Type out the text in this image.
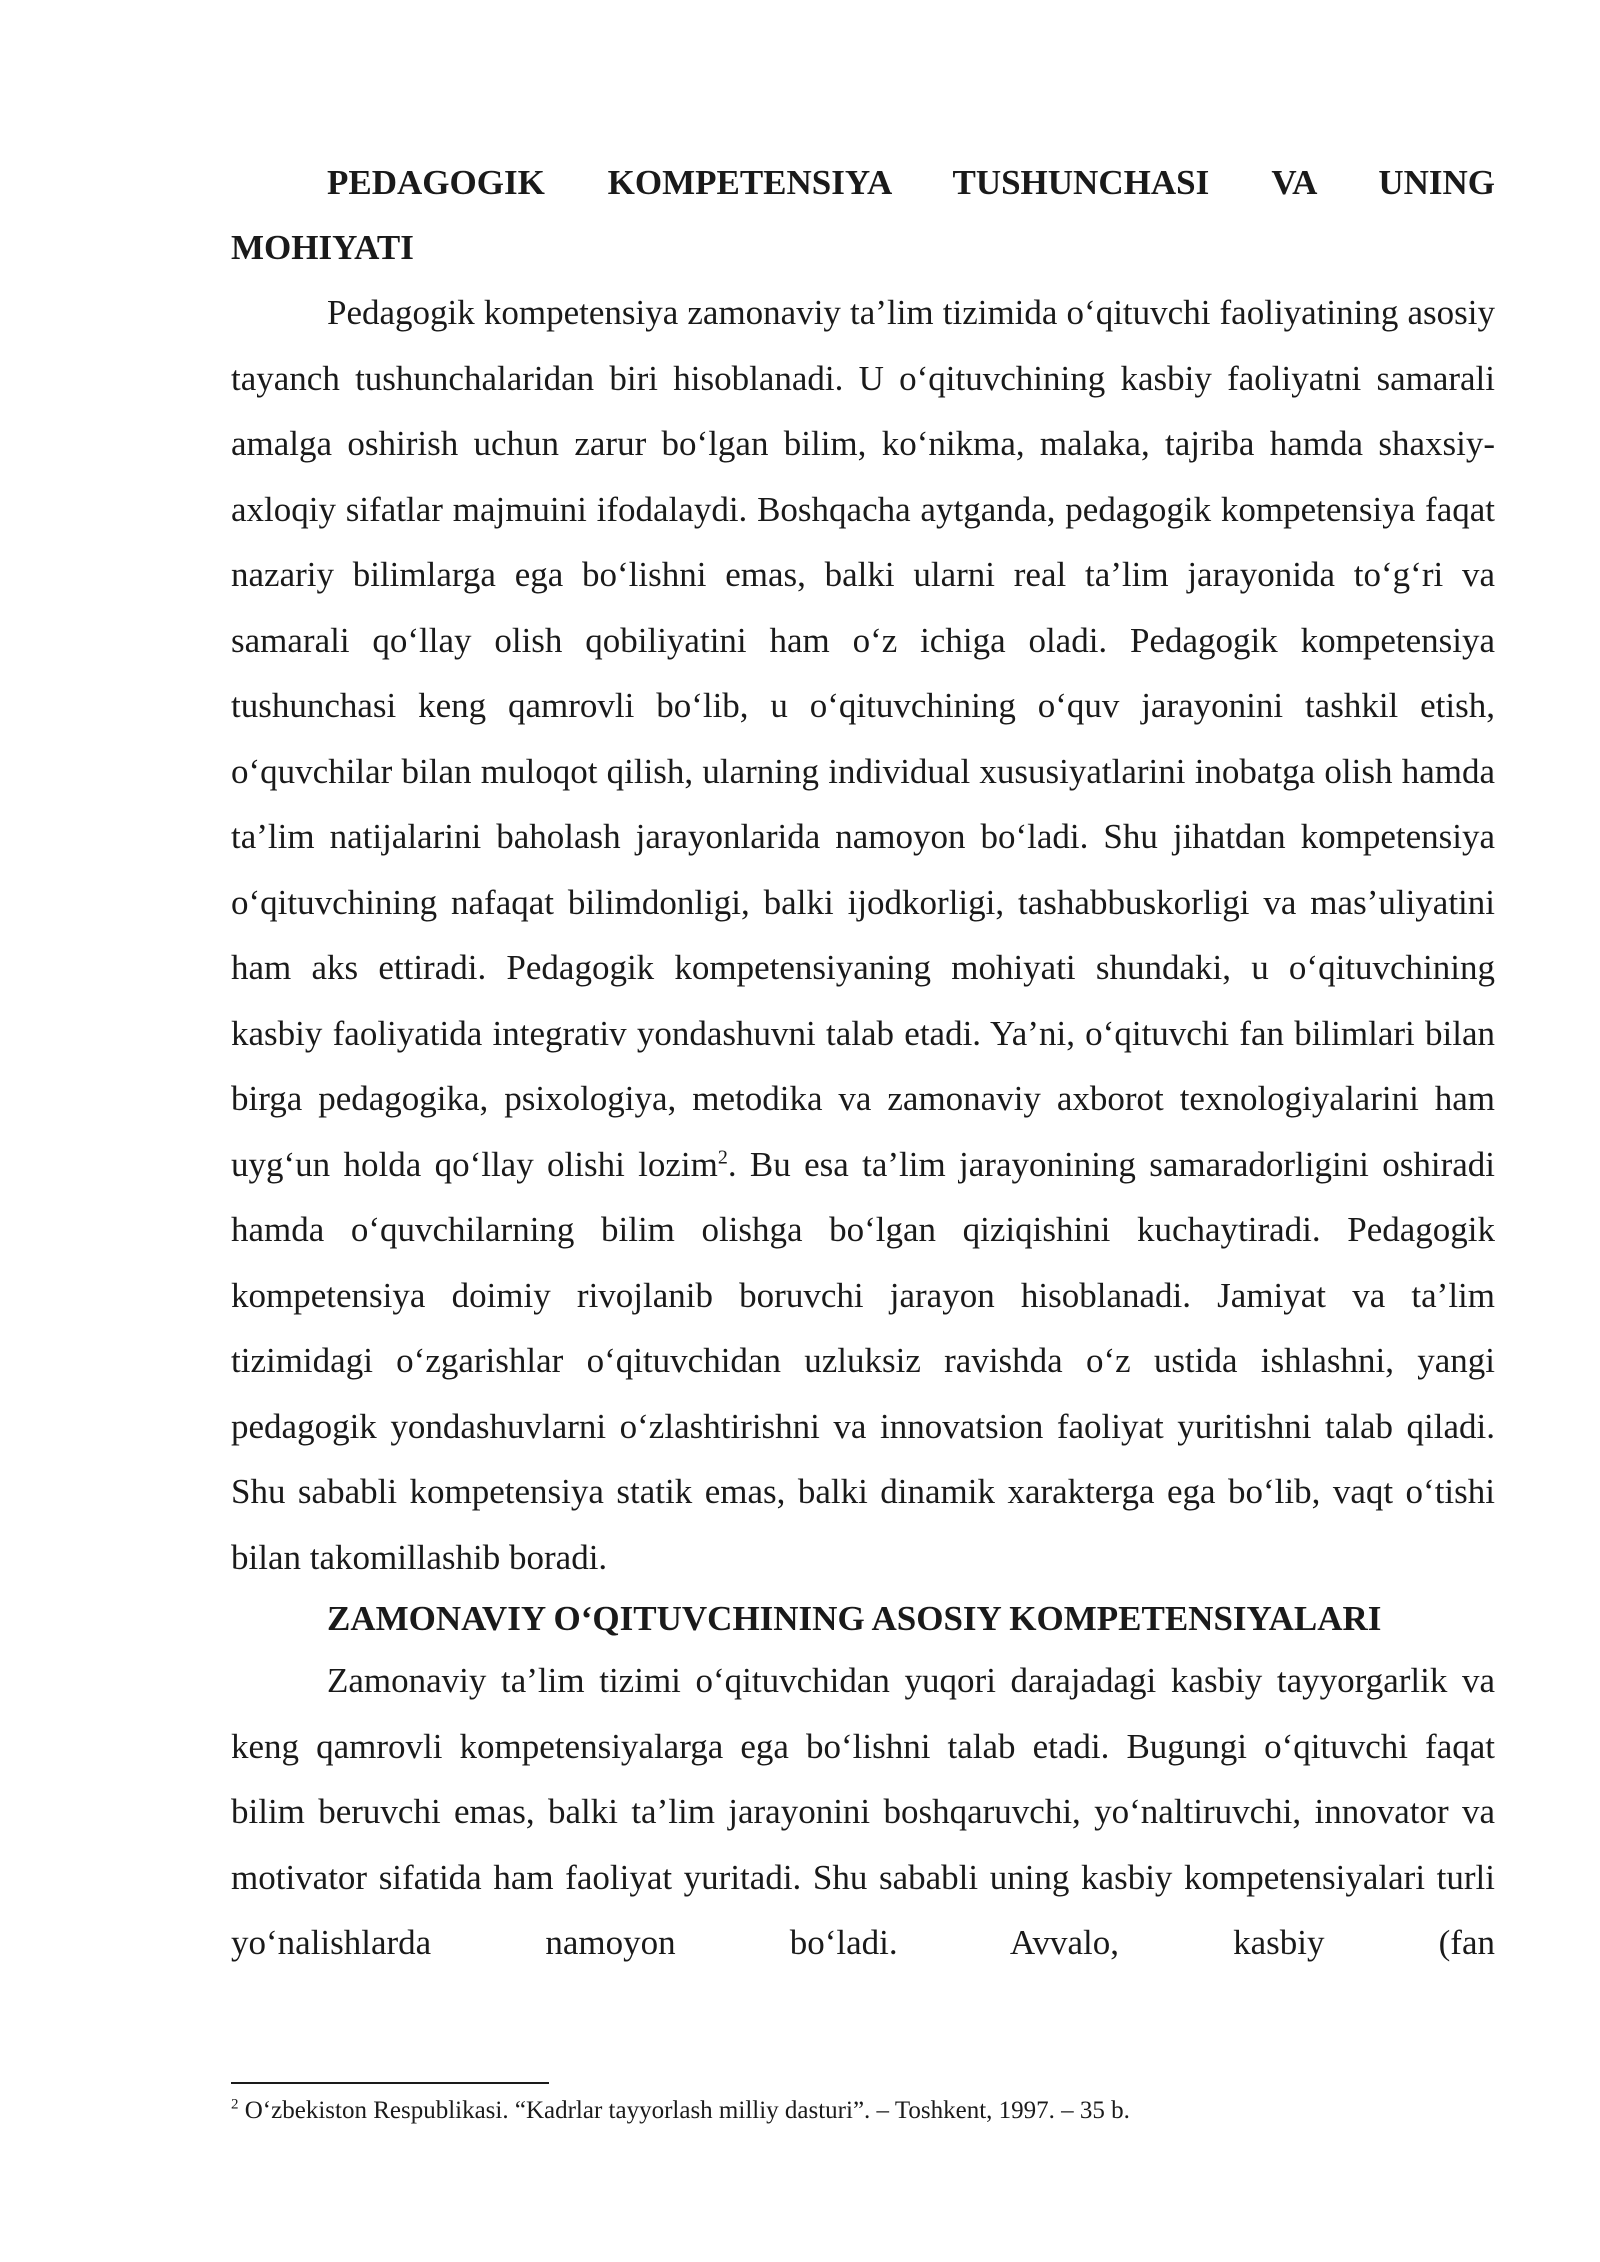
PEDAGOGIK KOMPETENSIYA TUSHUNCHASI VA UNING MOHIYATI

Pedagogik kompetensiya zamonaviy ta’lim tizimida o‘qituvchi faoliyatining asosiy tayanch tushunchalaridan biri hisoblanadi. U o‘qituvchining kasbiy faoliyatni samarali amalga oshirish uchun zarur bo‘lgan bilim, ko‘nikma, malaka, tajriba hamda shaxsiy-axloqiy sifatlar majmuini ifodalaydi. Boshqacha aytganda, pedagogik kompetensiya faqat nazariy bilimlarga ega bo‘lishni emas, balki ularni real ta’lim jarayonida to‘g‘ri va samarali qo‘llay olish qobiliyatini ham o‘z ichiga oladi. Pedagogik kompetensiya tushunchasi keng qamrovli bo‘lib, u o‘qituvchining o‘quv jarayonini tashkil etish, o‘quvchilar bilan muloqot qilish, ularning individual xususiyatlarini inobatga olish hamda ta’lim natijalarini baholash jarayonlarida namoyon bo‘ladi. Shu jihatdan kompetensiya o‘qituvchining nafaqat bilimdonligi, balki ijodkorligi, tashabbuskorligi va mas’uliyatini ham aks ettiradi. Pedagogik kompetensiyaning mohiyati shundaki, u o‘qituvchining kasbiy faoliyatida integrativ yondashuvni talab etadi. Ya’ni, o‘qituvchi fan bilimlari bilan birga pedagogika, psixologiya, metodika va zamonaviy axborot texnologiyalarini ham uyg‘un holda qo‘llay olishi lozim$^2$. Bu esa ta’lim jarayonining samaradorligini oshiradi hamda o‘quvchilarning bilim olishga bo‘lgan qiziqishini kuchaytiradi. Pedagogik kompetensiya doimiy rivojlanib boruvchi jarayon hisoblanadi. Jamiyat va ta’lim tizimidagi o‘zgarishlar o‘qituvchidan uzluksiz ravishda o‘z ustida ishlashni, yangi pedagogik yondashuvlarni o‘zlashtirishni va innovatsion faoliyat yuritishni talab qiladi. Shu sababli kompetensiya statik emas, balki dinamik xarakterga ega bo‘lib, vaqt o‘tishi bilan takomillashib boradi.

ZAMONAVIY O‘QITUVCHINING ASOSIY KOMPETENSIYALARI

Zamonaviy ta’lim tizimi o‘qituvchidan yuqori darajadagi kasbiy tayyorgarlik va keng qamrovli kompetensiyalarga ega bo‘lishni talab etadi. Bugungi o‘qituvchi faqat bilim beruvchi emas, balki ta’lim jarayonini boshqaruvchi, yo‘naltiruvchi, innovator va motivator sifatida ham faoliyat yuritadi. Shu sababli uning kasbiy kompetensiyalari turli yo‘nalishlarda namoyon bo‘ladi. Avvalo, kasbiy (fan

$^2$ O‘zbekiston Respublikasi. “Kadrlar tayyorlash milliy dasturi”. – Toshkent, 1997. – 35 b.
